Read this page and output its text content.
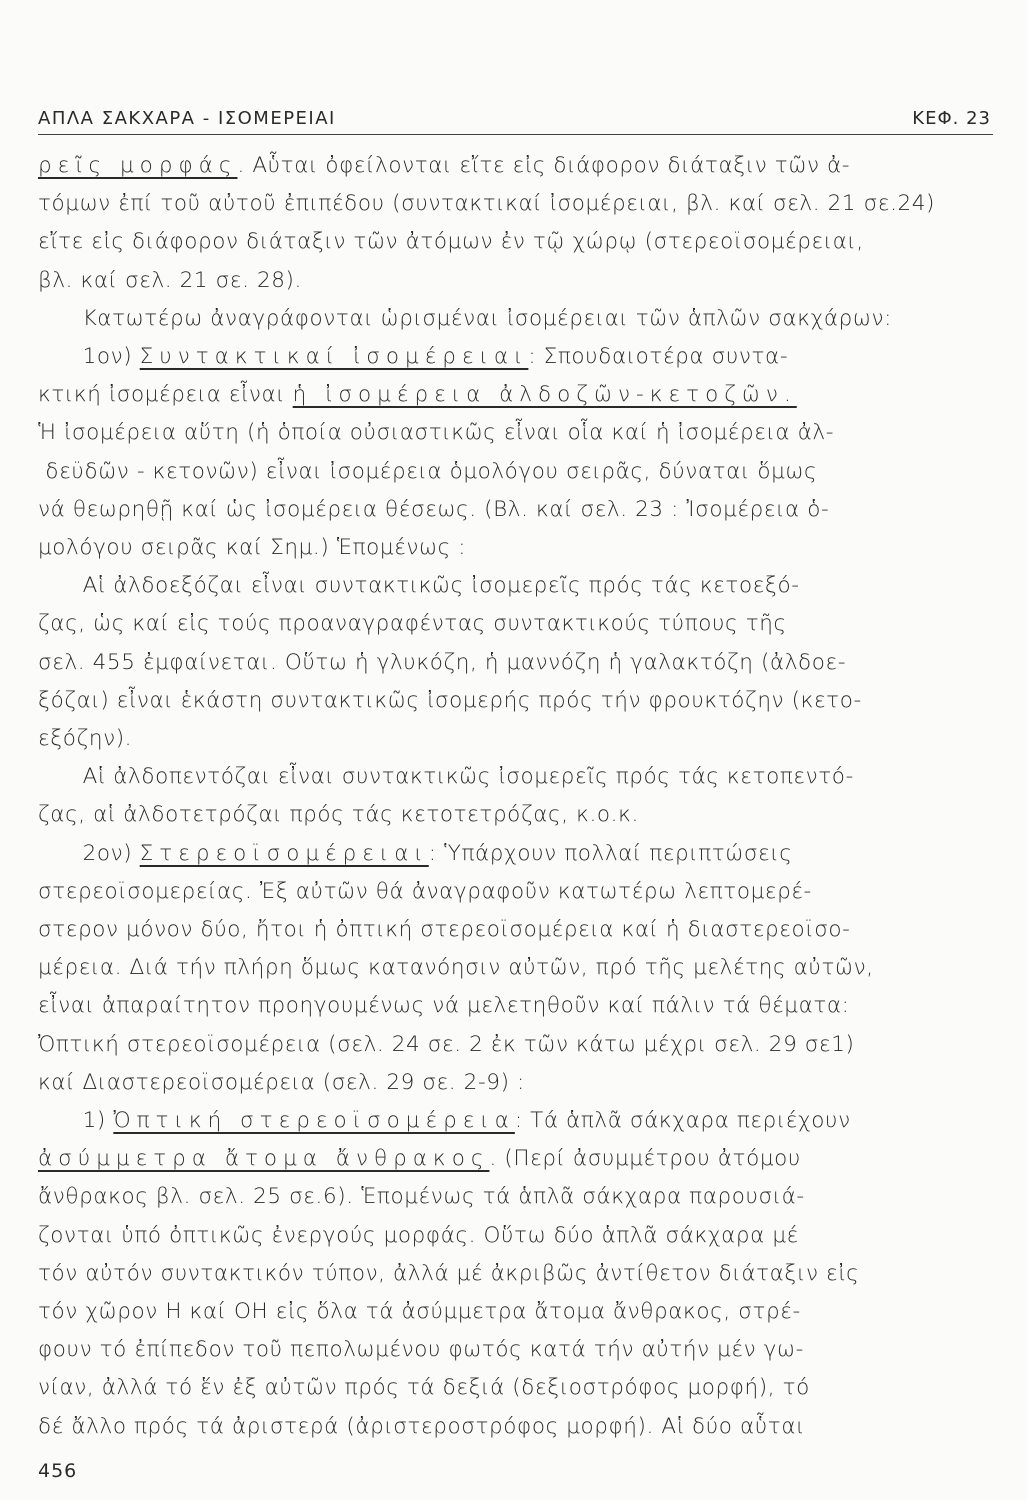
ΑΠΛΑ ΣΑΚΧΑΡΑ - ΙΣΟΜΕΡΕΙΑΙ	ΚΕΦ. 23
ρεῖς μορφάς. Αὗται ὀφείλονται εἴτε εἰς διάφορον διάταξιν τῶν ἀ-
τόμων ἐπί τοῦ αὐτοῦ ἐπιπέδου (συντακτικαί ἰσομέρειαι, βλ. καί σελ. 21 σε.24)
εἴτε εἰς διάφορον διάταξιν τῶν ἀτόμων ἐν τῷ χώρῳ (στερεοϊσομέρειαι,
βλ. καί σελ. 21 σε. 28).
Κατωτέρω ἀναγράφονται ὡρισμέναι ἰσομέρειαι τῶν ἁπλῶν σακχάρων:
1ον) Συντακτικαί ἰσομέρειαι: Σπουδαιοτέρα συντα-
κτική ἰσομέρεια εἶναι ἡ ἰσομέρεια ἀλδοζῶν-κετοζῶν.
Ἡ ἰσομέρεια αὕτη (ἡ ὁποία οὐσιαστικῶς εἶναι οἷα καί ἡ ἰσομέρεια ἀλ-
δεϋδῶν - κετονῶν) εἶναι ἰσομέρεια ὁμολόγου σειρᾶς, δύναται ὅμως
νά θεωρηθῇ καί ὡς ἰσομέρεια θέσεως. (Βλ. καί σελ. 23 : Ἰσομέρεια ὁ-
μολόγου σειρᾶς καί Σημ.) Ἑπομένως :
Αἱ ἀλδοεξόζαι εἶναι συντακτικῶς ἰσομερεῖς πρός τάς κετοεξό-
ζας, ὡς καί εἰς τούς προαναγραφέντας συντακτικούς τύπους τῆς
σελ. 455 ἐμφαίνεται. Οὕτω ἡ γλυκόζη, ἡ μαννόζη ἡ γαλακτόζη (ἀλδοε-
ξόζαι) εἶναι ἑκάστη συντακτικῶς ἰσομερής πρός τήν φρουκτόζην (κετο-
εξόζην).
Αἱ ἀλδοπεντόζαι εἶναι συντακτικῶς ἰσομερεῖς πρός τάς κετοπεντό-
ζας, αἱ ἀλδοτετρόζαι πρός τάς κετοτετρόζας, κ.ο.κ.
2ον) Στερεοϊσομέρειαι: Ὑπάρχουν πολλαί περιπτώσεις
στερεοϊσομερείας. Ἐξ αὐτῶν θά ἀναγραφοῦν κατωτέρω λεπτομερέ-
στερον μόνον δύο, ἤτοι ἡ ὀπτική στερεοϊσομέρεια καί ἡ διαστερεοϊσο-
μέρεια. Διά τήν πλήρη ὅμως κατανόησιν αὐτῶν, πρό τῆς μελέτης αὐτῶν,
εἶναι ἀπαραίτητον προηγουμένως νά μελετηθοῦν καί πάλιν τά θέματα:
Ὀπτική στερεοϊσομέρεια (σελ. 24 σε. 2 ἐκ τῶν κάτω μέχρι σελ. 29 σε1)
καί Διαστερεοϊσομέρεια (σελ. 29 σε. 2-9) :
1) Ὀπτική στερεοϊσομέρεια: Τά ἁπλᾶ σάκχαρα περιέχουν
ἀσύμμετρα ἄτομα ἄνθρακος. (Περί ἀσυμμέτρου ἀτόμου
ἄνθρακος βλ. σελ. 25 σε.6). Ἑπομένως τά ἁπλᾶ σάκχαρα παρουσιά-
ζονται ὑπό ὀπτικῶς ἐνεργούς μορφάς. Οὕτω δύο ἁπλᾶ σάκχαρα μέ
τόν αὐτόν συντακτικόν τύπον, ἀλλά μέ ἀκριβῶς ἀντίθετον διάταξιν εἰς
τόν χῶρον H καί OH εἰς ὅλα τά ἀσύμμετρα ἄτομα ἄνθρακος, στρέ-
φουν τό ἐπίπεδον τοῦ πεπολωμένου φωτός κατά τήν αὐτήν μέν γω-
νίαν, ἀλλά τό ἕν ἐξ αὐτῶν πρός τά δεξιά (δεξιοστρόφος μορφή), τό
δέ ἄλλο πρός τά ἀριστερά (ἀριστεροστρόφος μορφή). Αἱ δύο αὗται
456
